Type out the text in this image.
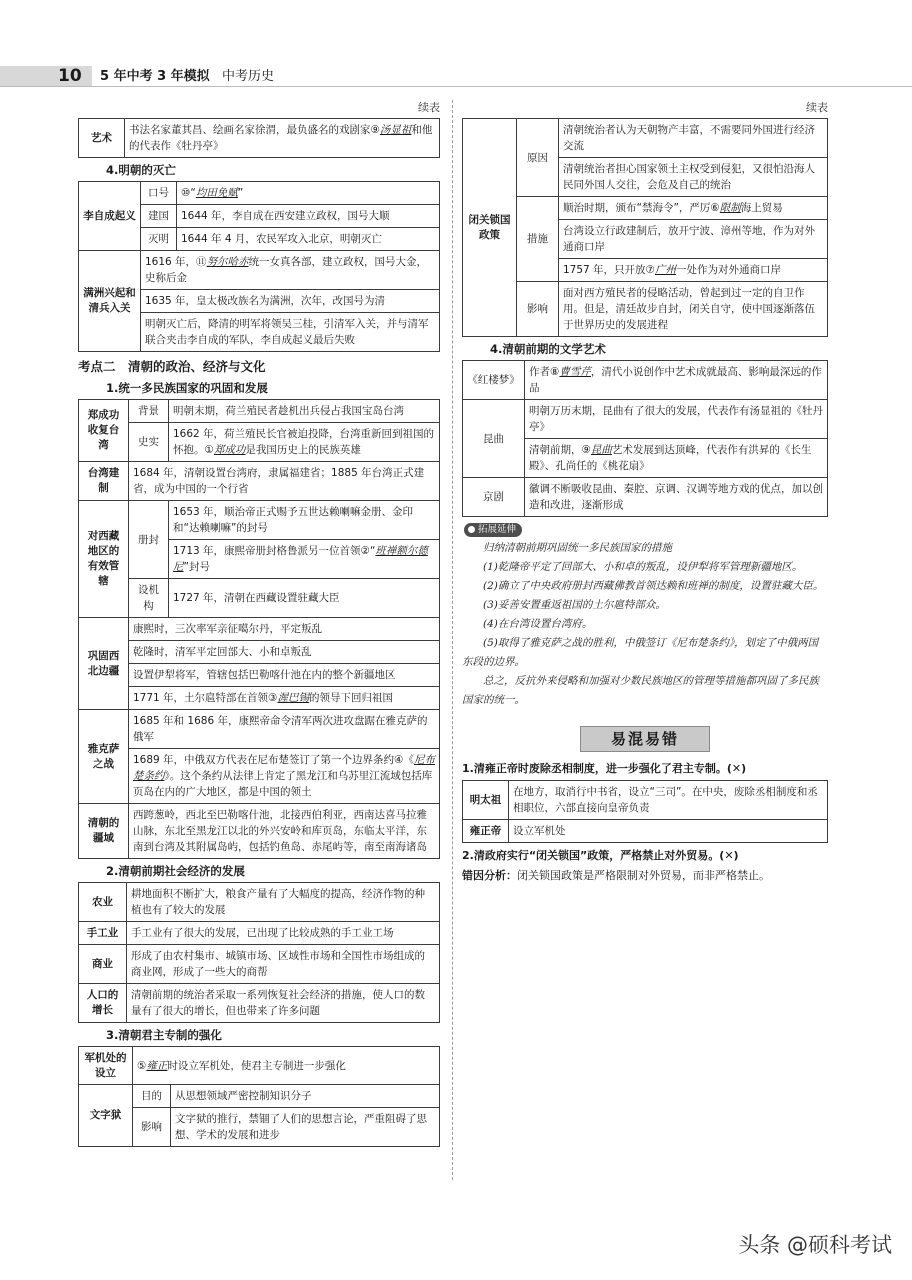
10 5 年中考 3 年模拟 中考历史
续表
艺术	书法名家董其昌、绘画名家徐渭，最负盛名的戏剧家⑨汤显祖和他的代表作《牡丹亭》
4.明朝的灭亡
李自成起义	口号	⑩“均田免赋”
	建国	1644 年，李自成在西安建立政权，国号大顺
	灭明	1644 年 4 月，农民军攻入北京，明朝灭亡
满洲兴起和清兵入关	1616 年，⑪努尔哈赤统一女真各部，建立政权，国号大金，史称后金	
	1635 年，皇太极改族名为满洲，次年，改国号为清	
	明朝灭亡后，降清的明军将领吴三桂，引清军入关，并与清军联合夹击李自成的军队，李自成起义最后失败	
考点二　清朝的政治、经济与文化
1.统一多民族国家的巩固和发展
郑成功收复台湾	背景	明朝末期，荷兰殖民者趁机出兵侵占我国宝岛台湾
	史实	1662 年，荷兰殖民长官被迫投降，台湾重新回到祖国的怀抱。①郑成功是我国历史上的民族英雄
台湾建制	1684 年，清朝设置台湾府，隶属福建省；1885 年台湾正式建省，成为中国的一个行省	
对西藏地区的有效管辖	册封	1653 年，顺治帝正式赐予五世达赖喇嘛金册、金印和“达赖喇嘛”的封号
		1713 年，康熙帝册封格鲁派另一位首领②“班禅额尔德尼”封号
	设机构	1727 年，清朝在西藏设置驻藏大臣
巩固西北边疆	康熙时，三次率军亲征噶尔丹，平定叛乱	
	乾隆时，清军平定回部大、小和卓叛乱	
	设置伊犁将军，管辖包括巴勒喀什池在内的整个新疆地区	
	1771 年，土尔扈特部在首领③渥巴锡的领导下回归祖国	
雅克萨之战	1685 年和 1686 年，康熙帝命令清军两次进攻盘踞在雅克萨的俄军	
	1689 年，中俄双方代表在尼布楚签订了第一个边界条约④《尼布楚条约》。这个条约从法律上肯定了黑龙江和乌苏里江流域包括库页岛在内的广大地区，都是中国的领土	
清朝的疆域	西跨葱岭，西北至巴勒喀什池，北接西伯利亚，西南达喜马拉雅山脉，东北至黑龙江以北的外兴安岭和库页岛，东临太平洋，东南到台湾及其附属岛屿，包括钓鱼岛、赤尾屿等，南至南海诸岛	
2.清朝前期社会经济的发展
农业	耕地面积不断扩大，粮食产量有了大幅度的提高，经济作物的种植也有了较大的发展
手工业	手工业有了很大的发展，已出现了比较成熟的手工业工场
商业	形成了由农村集市、城镇市场、区域性市场和全国性市场组成的商业网，形成了一些大的商帮
人口的增长	清朝前期的统治者采取一系列恢复社会经济的措施，使人口的数量有了很大的增长，但也带来了许多问题
3.清朝君主专制的强化
军机处的设立	⑤雍正时设立军机处，使君主专制进一步强化	
文字狱	目的	从思想领域严密控制知识分子
	影响	文字狱的推行，禁锢了人们的思想言论，严重阻碍了思想、学术的发展和进步
续表
闭关锁国政策	原因	清朝统治者认为天朝物产丰富，不需要同外国进行经济交流
		清朝统治者担心国家领土主权受到侵犯，又很怕沿海人民同外国人交往，会危及自己的统治
	措施	顺治时期，颁布“禁海令”，严厉⑥限制海上贸易
		台湾设立行政建制后，放开宁波、漳州等地，作为对外通商口岸
		1757 年，只开放⑦广州一处作为对外通商口岸
	影响	面对西方殖民者的侵略活动，曾起到过一定的自卫作用。但是，清廷故步自封，闭关自守，使中国逐渐落伍于世界历史的发展进程
4.清朝前期的文学艺术
《红楼梦》	作者⑧曹雪芹，清代小说创作中艺术成就最高、影响最深远的作品
昆曲	明朝万历末期，昆曲有了很大的发展，代表作有汤显祖的《牡丹亭》
	清朝前期，⑨昆曲艺术发展到达顶峰，代表作有洪昇的《长生殿》、孔尚任的《桃花扇》
京剧	徽调不断吸收昆曲、秦腔、京调、汉调等地方戏的优点，加以创造和改进，逐渐形成
拓展延伸

归纳清朝前期巩固统一多民族国家的措施

(1)乾隆帝平定了回部大、小和卓的叛乱，设伊犁将军管理新疆地区。

(2)确立了中央政府册封西藏佛教首领达赖和班禅的制度，设置驻藏大臣。

(3)妥善安置重返祖国的土尔扈特部众。

(4)在台湾设置台湾府。

(5)取得了雅克萨之战的胜利，中俄签订《尼布楚条约》，划定了中俄两国东段的边界。

总之，反抗外来侵略和加强对少数民族地区的管理等措施都巩固了多民族国家的统一。

易混易错
1.清雍正帝时废除丞相制度，进一步强化了君主专制。(✕)
明太祖	在地方，取消行中书省，设立“三司”。在中央，废除丞相制度和丞相职位，六部直接向皇帝负责
雍正帝	设立军机处
2.清政府实行“闭关锁国”政策，严格禁止对外贸易。(✕)
错因分析：闭关锁国政策是严格限制对外贸易，而非严格禁止。
头条 @硕科考试
